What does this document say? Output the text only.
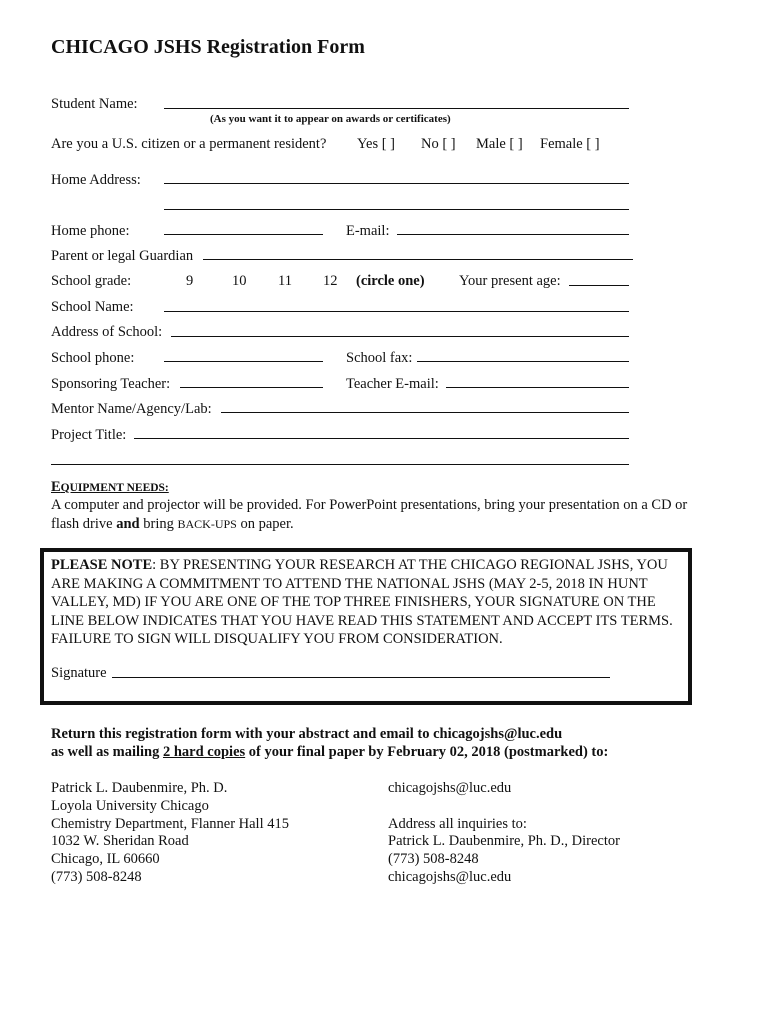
CHICAGO JSHS Registration Form
Student Name:
(As you want it to appear on awards or certificates)
Are you a U.S. citizen or a permanent resident? Yes [ ] No [ ] Male [ ] Female [ ]
Home Address:
Home phone:	E-mail:
Parent or legal Guardian
School grade:	9	10 11 12 (circle one) Your present age:
School Name:
Address of School:
School phone:	School fax:
Sponsoring Teacher:	Teacher E-mail:
Mentor Name/Agency/Lab:
Project Title:
EQUIPMENT NEEDS:
A computer and projector will be provided. For PowerPoint presentations, bring your presentation on a CD or flash drive and bring BACK-UPS on paper.
PLEASE NOTE: BY PRESENTING YOUR RESEARCH AT THE CHICAGO REGIONAL JSHS, YOU ARE MAKING A COMMITMENT TO ATTEND THE NATIONAL JSHS (MAY 2-5, 2018 IN HUNT VALLEY, MD) IF YOU ARE ONE OF THE TOP THREE FINISHERS, YOUR SIGNATURE ON THE LINE BELOW INDICATES THAT YOU HAVE READ THIS STATEMENT AND ACCEPT ITS TERMS. FAILURE TO SIGN WILL DISQUALIFY YOU FROM CONSIDERATION.
Signature
Return this registration form with your abstract and email to chicagojshs@luc.edu
as well as mailing 2 hard copies of your final paper by February 02, 2018 (postmarked) to:
Patrick L. Daubenmire, Ph. D.
Loyola University Chicago
Chemistry Department, Flanner Hall 415
1032 W. Sheridan Road
Chicago, IL 60660
(773) 508-8248
chicagojshs@luc.edu
Address all inquiries to:
Patrick L. Daubenmire, Ph. D., Director
(773) 508-8248
chicagojshs@luc.edu
